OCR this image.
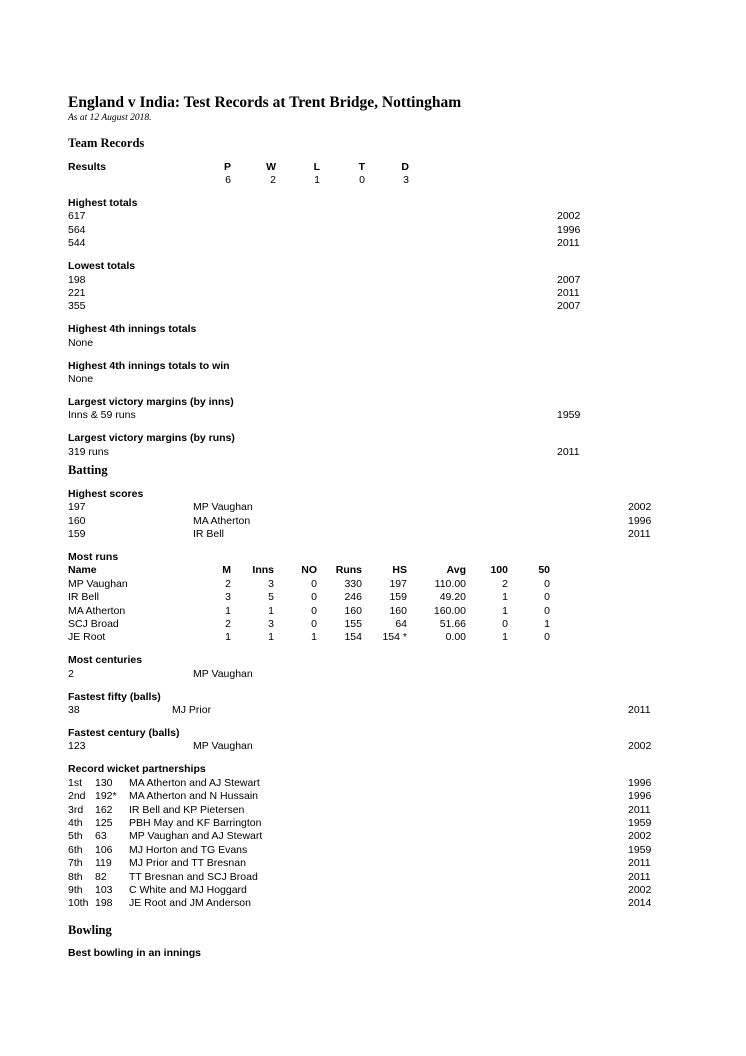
England v India: Test Records at Trent Bridge, Nottingham
As at 12 August 2018.
Team Records
Results	P	W	L	T	D
6	2	1	0	3
Highest totals
617	2002
564	1996
544	2011
Lowest totals
198	2007
221	2011
355	2007
Highest 4th innings totals
None
Highest 4th innings totals to win
None
Largest victory margins (by inns)
Inns & 59 runs	1959
Largest victory margins (by runs)
319 runs	2011
Batting
Highest scores
197	MP Vaughan	2002
160	MA Atherton	1996
159	IR Bell	2011
Most runs
Name	M	Inns	NO	Runs	HS	Avg	100	50
MP Vaughan	2	3	0	330	197	110.00	2	0
IR Bell	3	5	0	246	159	49.20	1	0
MA Atherton	1	1	0	160	160	160.00	1	0
SCJ Broad	2	3	0	155	64	51.66	0	1
JE Root	1	1	1	154	154 *	0.00	1	0
Most centuries
2	MP Vaughan
Fastest fifty (balls)
38	MJ Prior	2011
Fastest century (balls)
123	MP Vaughan	2002
Record wicket partnerships
1st 130 MA Atherton and AJ Stewart	1996
2nd 192* MA Atherton and N Hussain	1996
3rd 162 IR Bell and KP Pietersen	2011
4th 125 PBH May and KF Barrington	1959
5th 63 MP Vaughan and AJ Stewart	2002
6th 106 MJ Horton and TG Evans	1959
7th 119 MJ Prior and TT Bresnan	2011
8th 82 TT Bresnan and SCJ Broad	2011
9th 103 C White and MJ Hoggard	2002
10th 198 JE Root and JM Anderson	2014
Bowling
Best bowling in an innings
